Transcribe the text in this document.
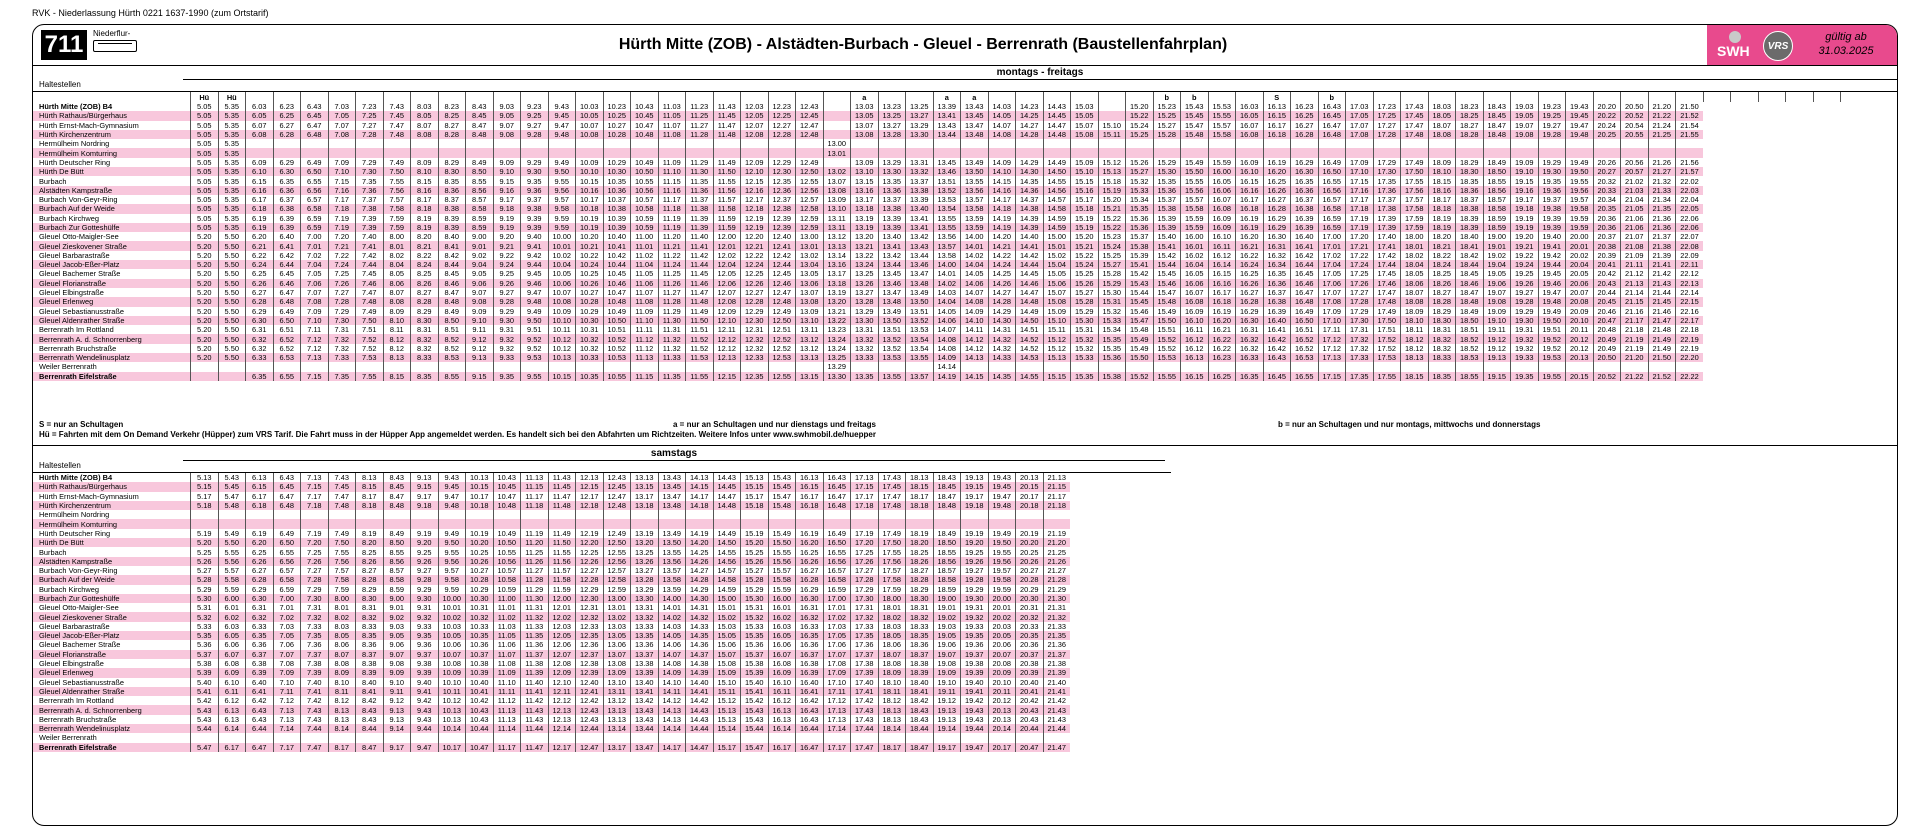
RVK - Niederlassung Hürth 0221 1637-1990 (zum Ortstarif)
711	Niederflur-
Hürth Mitte (ZOB) - Alstädten-Burbach - Gleuel - Berrenrath (Baustellenfahrplan)	SWH	VRS
gültig ab
31.03.2025
montags - freitags
Haltestellen
	Hü	Hü																							a			a	a							b	b			S		b																			
Hürth Mitte (ZOB) B4	5.05	5.35	6.03	6.23	6.43	7.03	7.23	7.43	8.03	8.23	8.43	9.03	9.23	9.43	10.03	10.23	10.43	11.03	11.23	11.43	12.03	12.23	12.43		13.03	13.23	13.25	13.39	13.43	14.03	14.23	14.43	15.03		15.20	15.23	15.43	15.53	16.03	16.13	16.23	16.43	17.03	17.23	17.43	18.03	18.23	18.43	19.03	19.23	19.43	20.20	20.50	21.20	21.50						
Hürth Rathaus/Bürgerhaus	5.05	5.35	6.05	6.25	6.45	7.05	7.25	7.45	8.05	8.25	8.45	9.05	9.25	9.45	10.05	10.25	10.45	11.05	11.25	11.45	12.05	12.25	12.45		13.05	13.25	13.27	13.41	13.45	14.05	14.25	14.45	15.05		15.22	15.25	15.45	15.55	16.05	16.15	16.25	16.45	17.05	17.25	17.45	18.05	18.25	18.45	19.05	19.25	19.45	20.22	20.52	21.22	21.52						
Hürth Ernst-Mach-Gymnasium	5.05	5.35	6.07	6.27	6.47	7.07	7.27	7.47	8.07	8.27	8.47	9.07	9.27	9.47	10.07	10.27	10.47	11.07	11.27	11.47	12.07	12.27	12.47		13.07	13.27	13.29	13.43	13.47	14.07	14.27	14.47	15.07	15.10	15.24	15.27	15.47	15.57	16.07	16.17	16.27	16.47	17.07	17.27	17.47	18.07	18.27	18.47	19.07	19.27	19.47	20.24	20.54	21.24	21.54						
Hürth Kirchenzentrum	5.05	5.35	6.08	6.28	6.48	7.08	7.28	7.48	8.08	8.28	8.48	9.08	9.28	9.48	10.08	10.28	10.48	11.08	11.28	11.48	12.08	12.28	12.48		13.08	13.28	13.30	13.44	13.48	14.08	14.28	14.48	15.08	15.11	15.25	15.28	15.48	15.58	16.08	16.18	16.28	16.48	17.08	17.28	17.48	18.08	18.28	18.48	19.08	19.28	19.48	20.25	20.55	21.25	21.55						
Hermülheim Nordring	5.05	5.35																						13.00																																					
Hermülheim Komturring	5.05	5.35																						13.01																																					
Hürth Deutscher Ring	5.05	5.35	6.09	6.29	6.49	7.09	7.29	7.49	8.09	8.29	8.49	9.09	9.29	9.49	10.09	10.29	10.49	11.09	11.29	11.49	12.09	12.29	12.49		13.09	13.29	13.31	13.45	13.49	14.09	14.29	14.49	15.09	15.12	15.26	15.29	15.49	15.59	16.09	16.19	16.29	16.49	17.09	17.29	17.49	18.09	18.29	18.49	19.09	19.29	19.49	20.26	20.56	21.26	21.56						
Hürth De Bütt	5.05	5.35	6.10	6.30	6.50	7.10	7.30	7.50	8.10	8.30	8.50	9.10	9.30	9.50	10.10	10.30	10.50	11.10	11.30	11.50	12.10	12.30	12.50	13.02	13.10	13.30	13.32	13.46	13.50	14.10	14.30	14.50	15.10	15.13	15.27	15.30	15.50	16.00	16.10	16.20	16.30	16.50	17.10	17.30	17.50	18.10	18.30	18.50	19.10	19.30	19.50	20.27	20.57	21.27	21.57						
Burbach	5.05	5.35	6.15	6.35	6.55	7.15	7.35	7.55	8.15	8.35	8.55	9.15	9.35	9.55	10.15	10.35	10.55	11.15	11.35	11.55	12.15	12.35	12.55	13.07	13.15	13.35	13.37	13.51	13.55	14.15	14.35	14.55	15.15	15.18	15.32	15.35	15.55	16.05	16.15	16.25	16.35	16.55	17.15	17.35	17.55	18.15	18.35	18.55	19.15	19.35	19.55	20.32	21.02	21.32	22.02						
Alstädten Kampstraße	5.05	5.35	6.16	6.36	6.56	7.16	7.36	7.56	8.16	8.36	8.56	9.16	9.36	9.56	10.16	10.36	10.56	11.16	11.36	11.56	12.16	12.36	12.56	13.08	13.16	13.36	13.38	13.52	13.56	14.16	14.36	14.56	15.16	15.19	15.33	15.36	15.56	16.06	16.16	16.26	16.36	16.56	17.16	17.36	17.56	18.16	18.36	18.56	19.16	19.36	19.56	20.33	21.03	21.33	22.03						
Burbach Von-Geyr-Ring	5.05	5.35	6.17	6.37	6.57	7.17	7.37	7.57	8.17	8.37	8.57	9.17	9.37	9.57	10.17	10.37	10.57	11.17	11.37	11.57	12.17	12.37	12.57	13.09	13.17	13.37	13.39	13.53	13.57	14.17	14.37	14.57	15.17	15.20	15.34	15.37	15.57	16.07	16.17	16.27	16.37	16.57	17.17	17.37	17.57	18.17	18.37	18.57	19.17	19.37	19.57	20.34	21.04	21.34	22.04						
Burbach Auf der Weide	5.05	5.35	6.18	6.38	6.58	7.18	7.38	7.58	8.18	8.38	8.58	9.18	9.38	9.58	10.18	10.38	10.58	11.18	11.38	11.58	12.18	12.38	12.58	13.10	13.18	13.38	13.40	13.54	13.58	14.18	14.38	14.58	15.18	15.21	15.35	15.38	15.58	16.08	16.18	16.28	16.38	16.58	17.18	17.38	17.58	18.18	18.38	18.58	19.18	19.38	19.58	20.35	21.05	21.35	22.05						
Burbach Kirchweg	5.05	5.35	6.19	6.39	6.59	7.19	7.39	7.59	8.19	8.39	8.59	9.19	9.39	9.59	10.19	10.39	10.59	11.19	11.39	11.59	12.19	12.39	12.59	13.11	13.19	13.39	13.41	13.55	13.59	14.19	14.39	14.59	15.19	15.22	15.36	15.39	15.59	16.09	16.19	16.29	16.39	16.59	17.19	17.39	17.59	18.19	18.39	18.59	19.19	19.39	19.59	20.36	21.06	21.36	22.06						
Burbach Zur Gotteshülfe	5.05	5.35	6.19	6.39	6.59	7.19	7.39	7.59	8.19	8.39	8.59	9.19	9.39	9.59	10.19	10.39	10.59	11.19	11.39	11.59	12.19	12.39	12.59	13.11	13.19	13.39	13.41	13.55	13.59	14.19	14.39	14.59	15.19	15.22	15.36	15.39	15.59	16.09	16.19	16.29	16.39	16.59	17.19	17.39	17.59	18.19	18.39	18.59	19.19	19.39	19.59	20.36	21.06	21.36	22.06						
Gleuel Otto-Maigler-See	5.20	5.50	6.20	6.40	7.00	7.20	7.40	8.00	8.20	8.40	9.00	9.20	9.40	10.00	10.20	10.40	11.00	11.20	11.40	12.00	12.20	12.40	13.00	13.12	13.20	13.40	13.42	13.56	14.00	14.20	14.40	15.00	15.20	15.23	15.37	15.40	16.00	16.10	16.20	16.30	16.40	17.00	17.20	17.40	18.00	18.20	18.40	19.00	19.20	19.40	20.00	20.37	21.07	21.37	22.07						
Gleuel Zieskovener Straße	5.20	5.50	6.21	6.41	7.01	7.21	7.41	8.01	8.21	8.41	9.01	9.21	9.41	10.01	10.21	10.41	11.01	11.21	11.41	12.01	12.21	12.41	13.01	13.13	13.21	13.41	13.43	13.57	14.01	14.21	14.41	15.01	15.21	15.24	15.38	15.41	16.01	16.11	16.21	16.31	16.41	17.01	17.21	17.41	18.01	18.21	18.41	19.01	19.21	19.41	20.01	20.38	21.08	21.38	22.08						
Gleuel Barbarastraße	5.20	5.50	6.22	6.42	7.02	7.22	7.42	8.02	8.22	8.42	9.02	9.22	9.42	10.02	10.22	10.42	11.02	11.22	11.42	12.02	12.22	12.42	13.02	13.14	13.22	13.42	13.44	13.58	14.02	14.22	14.42	15.02	15.22	15.25	15.39	15.42	16.02	16.12	16.22	16.32	16.42	17.02	17.22	17.42	18.02	18.22	18.42	19.02	19.22	19.42	20.02	20.39	21.09	21.39	22.09						
Gleuel Jacob-Eßer-Platz	5.20	5.50	6.24	6.44	7.04	7.24	7.44	8.04	8.24	8.44	9.04	9.24	9.44	10.04	10.24	10.44	11.04	11.24	11.44	12.04	12.24	12.44	13.04	13.16	13.24	13.44	13.46	14.00	14.04	14.24	14.44	15.04	15.24	15.27	15.41	15.44	16.04	16.14	16.24	16.34	16.44	17.04	17.24	17.44	18.04	18.24	18.44	19.04	19.24	19.44	20.04	20.41	21.11	21.41	22.11						
Gleuel Bachemer Straße	5.20	5.50	6.25	6.45	7.05	7.25	7.45	8.05	8.25	8.45	9.05	9.25	9.45	10.05	10.25	10.45	11.05	11.25	11.45	12.05	12.25	12.45	13.05	13.17	13.25	13.45	13.47	14.01	14.05	14.25	14.45	15.05	15.25	15.28	15.42	15.45	16.05	16.15	16.25	16.35	16.45	17.05	17.25	17.45	18.05	18.25	18.45	19.05	19.25	19.45	20.05	20.42	21.12	21.42	22.12						
Gleuel Florianstraße	5.20	5.50	6.26	6.46	7.06	7.26	7.46	8.06	8.26	8.46	9.06	9.26	9.46	10.06	10.26	10.46	11.06	11.26	11.46	12.06	12.26	12.46	13.06	13.18	13.26	13.46	13.48	14.02	14.06	14.26	14.46	15.06	15.26	15.29	15.43	15.46	16.06	16.16	16.26	16.36	16.46	17.06	17.26	17.46	18.06	18.26	18.46	19.06	19.26	19.46	20.06	20.43	21.13	21.43	22.13						
Gleuel Elbingstraße	5.20	5.50	6.27	6.47	7.07	7.27	7.47	8.07	8.27	8.47	9.07	9.27	9.47	10.07	10.27	10.47	11.07	11.27	11.47	12.07	12.27	12.47	13.07	13.19	13.27	13.47	13.49	14.03	14.07	14.27	14.47	15.07	15.27	15.30	15.44	15.47	16.07	16.17	16.27	16.37	16.47	17.07	17.27	17.47	18.07	18.27	18.47	19.07	19.27	19.47	20.07	20.44	21.14	21.44	22.14						
Gleuel Erlenweg	5.20	5.50	6.28	6.48	7.08	7.28	7.48	8.08	8.28	8.48	9.08	9.28	9.48	10.08	10.28	10.48	11.08	11.28	11.48	12.08	12.28	12.48	13.08	13.20	13.28	13.48	13.50	14.04	14.08	14.28	14.48	15.08	15.28	15.31	15.45	15.48	16.08	16.18	16.28	16.38	16.48	17.08	17.28	17.48	18.08	18.28	18.48	19.08	19.28	19.48	20.08	20.45	21.15	21.45	22.15						
Gleuel Sebastianusstraße	5.20	5.50	6.29	6.49	7.09	7.29	7.49	8.09	8.29	8.49	9.09	9.29	9.49	10.09	10.29	10.49	11.09	11.29	11.49	12.09	12.29	12.49	13.09	13.21	13.29	13.49	13.51	14.05	14.09	14.29	14.49	15.09	15.29	15.32	15.46	15.49	16.09	16.19	16.29	16.39	16.49	17.09	17.29	17.49	18.09	18.29	18.49	19.09	19.29	19.49	20.09	20.46	21.16	21.46	22.16						
Gleuel Aldenrather Straße	5.20	5.50	6.30	6.50	7.10	7.30	7.50	8.10	8.30	8.50	9.10	9.30	9.50	10.10	10.30	10.50	11.10	11.30	11.50	12.10	12.30	12.50	13.10	13.22	13.30	13.50	13.52	14.06	14.10	14.30	14.50	15.10	15.30	15.33	15.47	15.50	16.10	16.20	16.30	16.40	16.50	17.10	17.30	17.50	18.10	18.30	18.50	19.10	19.30	19.50	20.10	20.47	21.17	21.47	22.17						
Berrenrath Im Rottland	5.20	5.50	6.31	6.51	7.11	7.31	7.51	8.11	8.31	8.51	9.11	9.31	9.51	10.11	10.31	10.51	11.11	11.31	11.51	12.11	12.31	12.51	13.11	13.23	13.31	13.51	13.53	14.07	14.11	14.31	14.51	15.11	15.31	15.34	15.48	15.51	16.11	16.21	16.31	16.41	16.51	17.11	17.31	17.51	18.11	18.31	18.51	19.11	19.31	19.51	20.11	20.48	21.18	21.48	22.18						
Berrenrath A. d. Schnorrenberg	5.20	5.50	6.32	6.52	7.12	7.32	7.52	8.12	8.32	8.52	9.12	9.32	9.52	10.12	10.32	10.52	11.12	11.32	11.52	12.12	12.32	12.52	13.12	13.24	13.32	13.52	13.54	14.08	14.12	14.32	14.52	15.12	15.32	15.35	15.49	15.52	16.12	16.22	16.32	16.42	16.52	17.12	17.32	17.52	18.12	18.32	18.52	19.12	19.32	19.52	20.12	20.49	21.19	21.49	22.19						
Berrenrath Bruchstraße	5.20	5.50	6.32	6.52	7.12	7.32	7.52	8.12	8.32	8.52	9.12	9.32	9.52	10.12	10.32	10.52	11.12	11.32	11.52	12.12	12.32	12.52	13.12	13.24	13.32	13.52	13.54	14.08	14.12	14.32	14.52	15.12	15.32	15.35	15.49	15.52	16.12	16.22	16.32	16.42	16.52	17.12	17.32	17.52	18.12	18.32	18.52	19.12	19.32	19.52	20.12	20.49	21.19	21.49	22.19						
Berrenrath Wendelinusplatz	5.20	5.50	6.33	6.53	7.13	7.33	7.53	8.13	8.33	8.53	9.13	9.33	9.53	10.13	10.33	10.53	11.13	11.33	11.53	12.13	12.33	12.53	13.13	13.25	13.33	13.53	13.55	14.09	14.13	14.33	14.53	15.13	15.33	15.36	15.50	15.53	16.13	16.23	16.33	16.43	16.53	17.13	17.33	17.53	18.13	18.33	18.53	19.13	19.33	19.53	20.13	20.50	21.20	21.50	22.20						
Weiler Berrenrath																								13.29				14.14																																	
Berrenrath Eifelstraße			6.35	6.55	7.15	7.35	7.55	8.15	8.35	8.55	9.15	9.35	9.55	10.15	10.35	10.55	11.15	11.35	11.55	12.15	12.35	12.55	13.15	13.30	13.35	13.55	13.57	14.19	14.15	14.35	14.55	15.15	15.35	15.38	15.52	15.55	16.15	16.25	16.35	16.45	16.55	17.15	17.35	17.55	18.15	18.35	18.55	19.15	19.35	19.55	20.15	20.52	21.22	21.52	22.22						
S = nur an Schultagen	a = nur an Schultagen und nur dienstags und freitags	b = nur an Schultagen und nur montags, mittwochs und donnerstags
Hü = Fahrten mit dem On Demand Verkehr (Hüpper) zum VRS Tarif. Die Fahrt muss in der Hüpper App angemeldet werden. Es handelt sich bei den Abfahrten um Richtzeiten. Weitere Infos unter www.swhmobil.de/huepper
samstags
Haltestellen
Hürth Mitte (ZOB) B4	5.13	5.43	6.13	6.43	7.13	7.43	8.13	8.43	9.13	9.43	10.13	10.43	11.13	11.43	12.13	12.43	13.13	13.43	14.13	14.43	15.13	15.43	16.13	16.43	17.13	17.43	18.13	18.43	19.13	19.43	20.13	21.13
Hürth Rathaus/Bürgerhaus	5.15	5.45	6.15	6.45	7.15	7.45	8.15	8.45	9.15	9.45	10.15	10.45	11.15	11.45	12.15	12.45	13.15	13.45	14.15	14.45	15.15	15.45	16.15	16.45	17.15	17.45	18.15	18.45	19.15	19.45	20.15	21.15
Hürth Ernst-Mach-Gymnasium	5.17	5.47	6.17	6.47	7.17	7.47	8.17	8.47	9.17	9.47	10.17	10.47	11.17	11.47	12.17	12.47	13.17	13.47	14.17	14.47	15.17	15.47	16.17	16.47	17.17	17.47	18.17	18.47	19.17	19.47	20.17	21.17
Hürth Kirchenzentrum	5.18	5.48	6.18	6.48	7.18	7.48	8.18	8.48	9.18	9.48	10.18	10.48	11.18	11.48	12.18	12.48	13.18	13.48	14.18	14.48	15.18	15.48	16.18	16.48	17.18	17.48	18.18	18.48	19.18	19.48	20.18	21.18
Hermülheim Nordring																																
Hermülheim Komturring																																
Hürth Deutscher Ring	5.19	5.49	6.19	6.49	7.19	7.49	8.19	8.49	9.19	9.49	10.19	10.49	11.19	11.49	12.19	12.49	13.19	13.49	14.19	14.49	15.19	15.49	16.19	16.49	17.19	17.49	18.19	18.49	19.19	19.49	20.19	21.19
Hürth De Bütt	5.20	5.50	6.20	6.50	7.20	7.50	8.20	8.50	9.20	9.50	10.20	10.50	11.20	11.50	12.20	12.50	13.20	13.50	14.20	14.50	15.20	15.50	16.20	16.50	17.20	17.50	18.20	18.50	19.20	19.50	20.20	21.20
Burbach	5.25	5.55	6.25	6.55	7.25	7.55	8.25	8.55	9.25	9.55	10.25	10.55	11.25	11.55	12.25	12.55	13.25	13.55	14.25	14.55	15.25	15.55	16.25	16.55	17.25	17.55	18.25	18.55	19.25	19.55	20.25	21.25
Alstädten Kampstraße	5.26	5.56	6.26	6.56	7.26	7.56	8.26	8.56	9.26	9.56	10.26	10.56	11.26	11.56	12.26	12.56	13.26	13.56	14.26	14.56	15.26	15.56	16.26	16.56	17.26	17.56	18.26	18.56	19.26	19.56	20.26	21.26
Burbach Von-Geyr-Ring	5.27	5.57	6.27	6.57	7.27	7.57	8.27	8.57	9.27	9.57	10.27	10.57	11.27	11.57	12.27	12.57	13.27	13.57	14.27	14.57	15.27	15.57	16.27	16.57	17.27	17.57	18.27	18.57	19.27	19.57	20.27	21.27
Burbach Auf der Weide	5.28	5.58	6.28	6.58	7.28	7.58	8.28	8.58	9.28	9.58	10.28	10.58	11.28	11.58	12.28	12.58	13.28	13.58	14.28	14.58	15.28	15.58	16.28	16.58	17.28	17.58	18.28	18.58	19.28	19.58	20.28	21.28
Burbach Kirchweg	5.29	5.59	6.29	6.59	7.29	7.59	8.29	8.59	9.29	9.59	10.29	10.59	11.29	11.59	12.29	12.59	13.29	13.59	14.29	14.59	15.29	15.59	16.29	16.59	17.29	17.59	18.29	18.59	19.29	19.59	20.29	21.29
Burbach Zur Gotteshülfe	5.30	6.00	6.30	7.00	7.30	8.00	8.30	9.00	9.30	10.00	10.30	11.00	11.30	12.00	12.30	13.00	13.30	14.00	14.30	15.00	15.30	16.00	16.30	17.00	17.30	18.00	18.30	19.00	19.30	20.00	20.30	21.30
Gleuel Otto-Maigler-See	5.31	6.01	6.31	7.01	7.31	8.01	8.31	9.01	9.31	10.01	10.31	11.01	11.31	12.01	12.31	13.01	13.31	14.01	14.31	15.01	15.31	16.01	16.31	17.01	17.31	18.01	18.31	19.01	19.31	20.01	20.31	21.31
Gleuel Zieskovener Straße	5.32	6.02	6.32	7.02	7.32	8.02	8.32	9.02	9.32	10.02	10.32	11.02	11.32	12.02	12.32	13.02	13.32	14.02	14.32	15.02	15.32	16.02	16.32	17.02	17.32	18.02	18.32	19.02	19.32	20.02	20.32	21.32
Gleuel Barbarastraße	5.33	6.03	6.33	7.03	7.33	8.03	8.33	9.03	9.33	10.03	10.33	11.03	11.33	12.03	12.33	13.03	13.33	14.03	14.33	15.03	15.33	16.03	16.33	17.03	17.33	18.03	18.33	19.03	19.33	20.03	20.33	21.33
Gleuel Jacob-Eßer-Platz	5.35	6.05	6.35	7.05	7.35	8.05	8.35	9.05	9.35	10.05	10.35	11.05	11.35	12.05	12.35	13.05	13.35	14.05	14.35	15.05	15.35	16.05	16.35	17.05	17.35	18.05	18.35	19.05	19.35	20.05	20.35	21.35
Gleuel Bachemer Straße	5.36	6.06	6.36	7.06	7.36	8.06	8.36	9.06	9.36	10.06	10.36	11.06	11.36	12.06	12.36	13.06	13.36	14.06	14.36	15.06	15.36	16.06	16.36	17.06	17.36	18.06	18.36	19.06	19.36	20.06	20.36	21.36
Gleuel Florianstraße	5.37	6.07	6.37	7.07	7.37	8.07	8.37	9.07	9.37	10.07	10.37	11.07	11.37	12.07	12.37	13.07	13.37	14.07	14.37	15.07	15.37	16.07	16.37	17.07	17.37	18.07	18.37	19.07	19.37	20.07	20.37	21.37
Gleuel Elbingstraße	5.38	6.08	6.38	7.08	7.38	8.08	8.38	9.08	9.38	10.08	10.38	11.08	11.38	12.08	12.38	13.08	13.38	14.08	14.38	15.08	15.38	16.08	16.38	17.08	17.38	18.08	18.38	19.08	19.38	20.08	20.38	21.38
Gleuel Erlenweg	5.39	6.09	6.39	7.09	7.39	8.09	8.39	9.09	9.39	10.09	10.39	11.09	11.39	12.09	12.39	13.09	13.39	14.09	14.39	15.09	15.39	16.09	16.39	17.09	17.39	18.09	18.39	19.09	19.39	20.09	20.39	21.39
Gleuel Sebastianusstraße	5.40	6.10	6.40	7.10	7.40	8.10	8.40	9.10	9.40	10.10	10.40	11.10	11.40	12.10	12.40	13.10	13.40	14.10	14.40	15.10	15.40	16.10	16.40	17.10	17.40	18.10	18.40	19.10	19.40	20.10	20.40	21.40
Gleuel Aldenrather Straße	5.41	6.11	6.41	7.11	7.41	8.11	8.41	9.11	9.41	10.11	10.41	11.11	11.41	12.11	12.41	13.11	13.41	14.11	14.41	15.11	15.41	16.11	16.41	17.11	17.41	18.11	18.41	19.11	19.41	20.11	20.41	21.41
Berrenrath Im Rottland	5.42	6.12	6.42	7.12	7.42	8.12	8.42	9.12	9.42	10.12	10.42	11.12	11.42	12.12	12.42	13.12	13.42	14.12	14.42	15.12	15.42	16.12	16.42	17.12	17.42	18.12	18.42	19.12	19.42	20.12	20.42	21.42
Berrenrath A. d. Schnorrenberg	5.43	6.13	6.43	7.13	7.43	8.13	8.43	9.13	9.43	10.13	10.43	11.13	11.43	12.13	12.43	13.13	13.43	14.13	14.43	15.13	15.43	16.13	16.43	17.13	17.43	18.13	18.43	19.13	19.43	20.13	20.43	21.43
Berrenrath Bruchstraße	5.43	6.13	6.43	7.13	7.43	8.13	8.43	9.13	9.43	10.13	10.43	11.13	11.43	12.13	12.43	13.13	13.43	14.13	14.43	15.13	15.43	16.13	16.43	17.13	17.43	18.13	18.43	19.13	19.43	20.13	20.43	21.43
Berrenrath Wendelinusplatz	5.44	6.14	6.44	7.14	7.44	8.14	8.44	9.14	9.44	10.14	10.44	11.14	11.44	12.14	12.44	13.14	13.44	14.14	14.44	15.14	15.44	16.14	16.44	17.14	17.44	18.14	18.44	19.14	19.44	20.14	20.44	21.44
Weiler Berrenrath																																
Berrenrath Eifelstraße	5.47	6.17	6.47	7.17	7.47	8.17	8.47	9.17	9.47	10.17	10.47	11.17	11.47	12.17	12.47	13.17	13.47	14.17	14.47	15.17	15.47	16.17	16.47	17.17	17.47	18.17	18.47	19.17	19.47	20.17	20.47	21.47
